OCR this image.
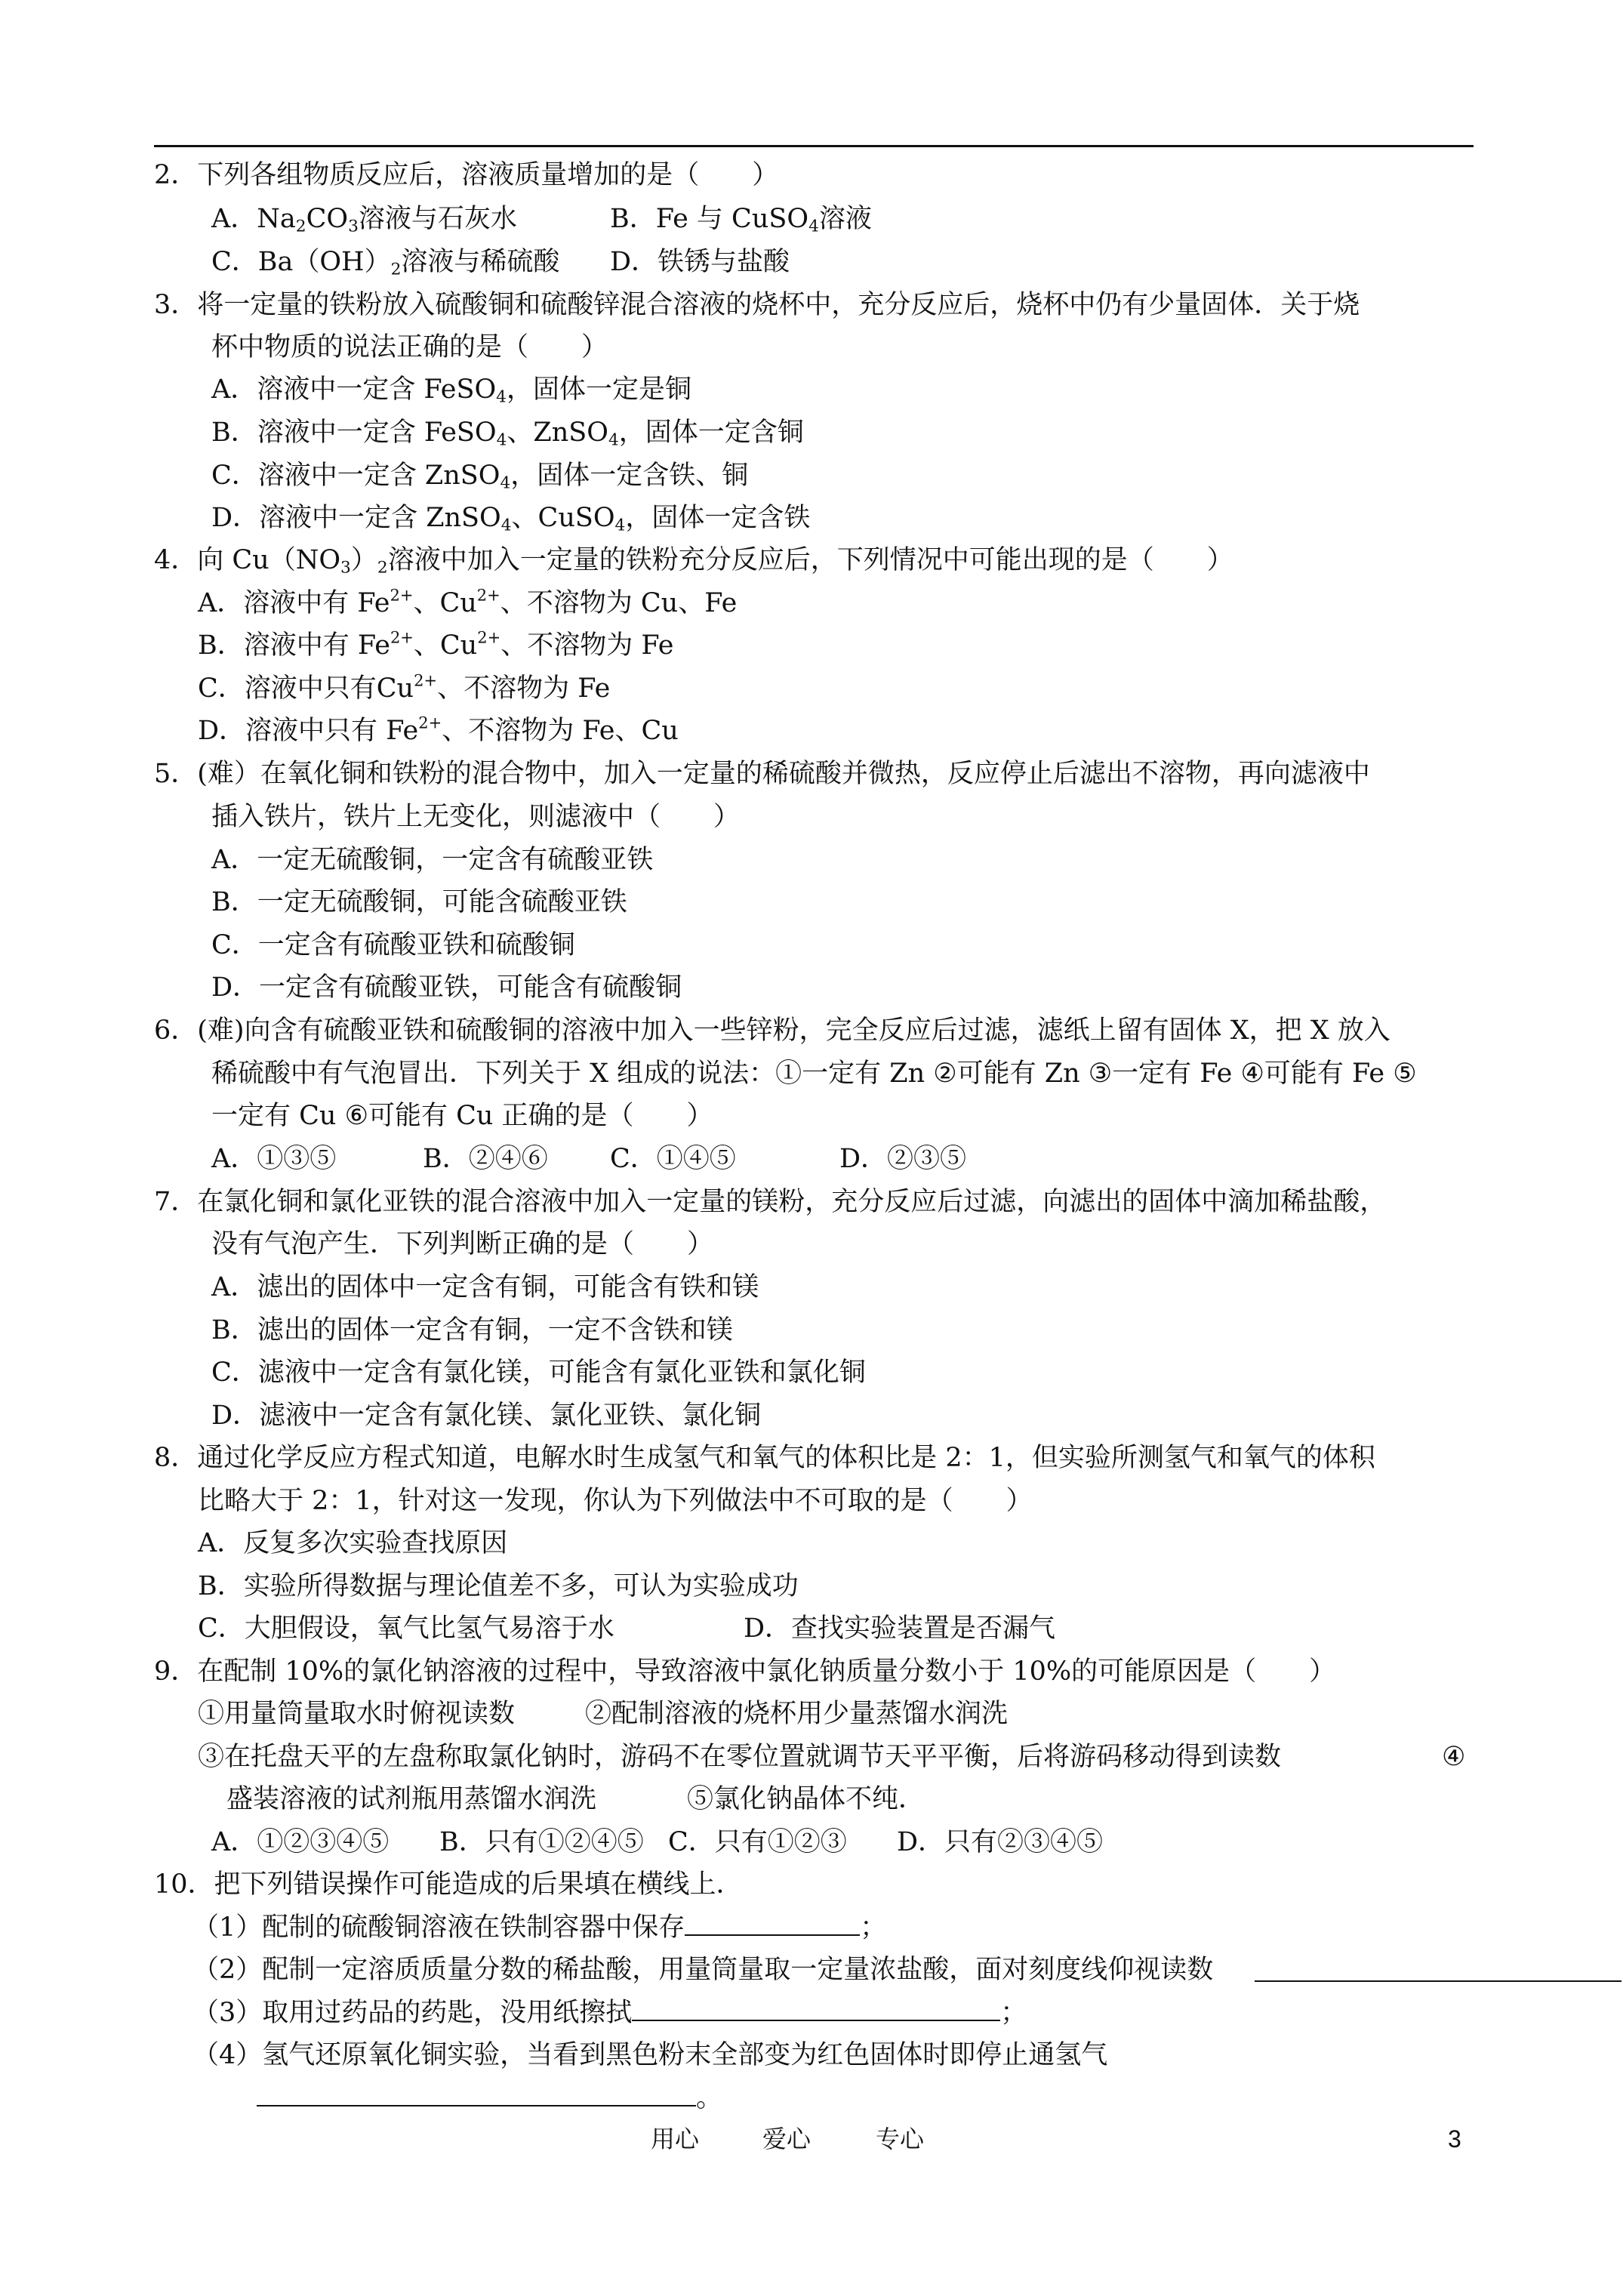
2．下列各组物质反应后，溶液质量增加的是（　　）
A．$Na_2CO_3$溶液与石灰水	B．Fe 与 CuSO$_4$溶液
C．$Ba(OH)_2$溶液与稀硫酸 D．铁锈与盐酸
3．将一定量的铁粉放入硫酸铜和硫酸锌混合溶液的烧杯中，充分反应后，烧杯中仍有少量固体．关于烧
杯中物质的说法正确的是（　　）
A．溶液中一定含 FeSO$_4$，固体一定是铜
B．溶液中一定含 FeSO$_4$、ZnSO$_4$，固体一定含铜
C．溶液中一定含 ZnSO$_4$，固体一定含铁、铜
D．溶液中一定含 ZnSO$_4$、CuSO$_4$，固体一定含铁
4．向 $Cu(NO_3)_2$溶液中加入一定量的铁粉充分反应后，下列情况中可能出现的是（　　）
A．溶液中有 $Fe^{2+}$、$Cu^{2+}$、不溶物为 Cu、Fe
B．溶液中有 $Fe^{2+}$、$Cu^{2+}$、不溶物为 Fe
C．溶液中只有$Cu^{2+}$、不溶物为 Fe
D．溶液中只有 $Fe^{2+}$、不溶物为 Fe、Cu
5．(难）在氧化铜和铁粉的混合物中，加入一定量的稀硫酸并微热，反应停止后滤出不溶物，再向滤液中
插入铁片，铁片上无变化，则滤液中（　　）
A．一定无硫酸铜，一定含有硫酸亚铁
B．一定无硫酸铜，可能含硫酸亚铁
C．一定含有硫酸亚铁和硫酸铜
D．一定含有硫酸亚铁，可能含有硫酸铜
6．(难)向含有硫酸亚铁和硫酸铜的溶液中加入一些锌粉，完全反应后过滤，滤纸上留有固体 X，把 X 放入
稀硫酸中有气泡冒出．下列关于 X 组成的说法：①一定有 Zn ②可能有 Zn ③一定有 Fe ④可能有 Fe ⑤
一定有 Cu ⑥可能有 Cu 正确的是（　　）
A．①③⑤	B．②④⑥ C．①④⑤	D．②③⑤
7．在氯化铜和氯化亚铁的混合溶液中加入一定量的镁粉，充分反应后过滤，向滤出的固体中滴加稀盐酸，
没有气泡产生．下列判断正确的是（　　）
A．滤出的固体中一定含有铜，可能含有铁和镁
B．滤出的固体一定含有铜，一定不含铁和镁
C．滤液中一定含有氯化镁，可能含有氯化亚铁和氯化铜
D．滤液中一定含有氯化镁、氯化亚铁、氯化铜
8．通过化学反应方程式知道，电解水时生成氢气和氧气的体积比是 2：1，但实验所测氢气和氧气的体积
比略大于 2：1，针对这一发现，你认为下列做法中不可取的是（　　）
A．反复多次实验查找原因
B．实验所得数据与理论值差不多，可认为实验成功
C．大胆假设，氧气比氢气易溶于水	D．查找实验装置是否漏气
9．在配制 10%的氯化钠溶液的过程中，导致溶液中氯化钠质量分数小于 10%的可能原因是（　　）
①用量筒量取水时俯视读数	②配制溶液的烧杯用少量蒸馏水润洗
③在托盘天平的左盘称取氯化钠时，游码不在零位置就调节天平平衡，后将游码移动得到读数	④
盛装溶液的试剂瓶用蒸馏水润洗	⑤氯化钠晶体不纯．
A．①②③④⑤ B．只有①②④⑤ C．只有①②③ D．只有②③④⑤
10．把下列错误操作可能造成的后果填在横线上．
（1）配制的硫酸铜溶液在铁制容器中保存	；
（2）配制一定溶质质量分数的稀盐酸，用量筒量取一定量浓盐酸，面对刻度线仰视读数
（3）取用过药品的药匙，没用纸擦拭	；
（4）氢气还原氧化铜实验，当看到黑色粉末全部变为红色固体时即停止通氢气
。
用心	爱心	专心	3
